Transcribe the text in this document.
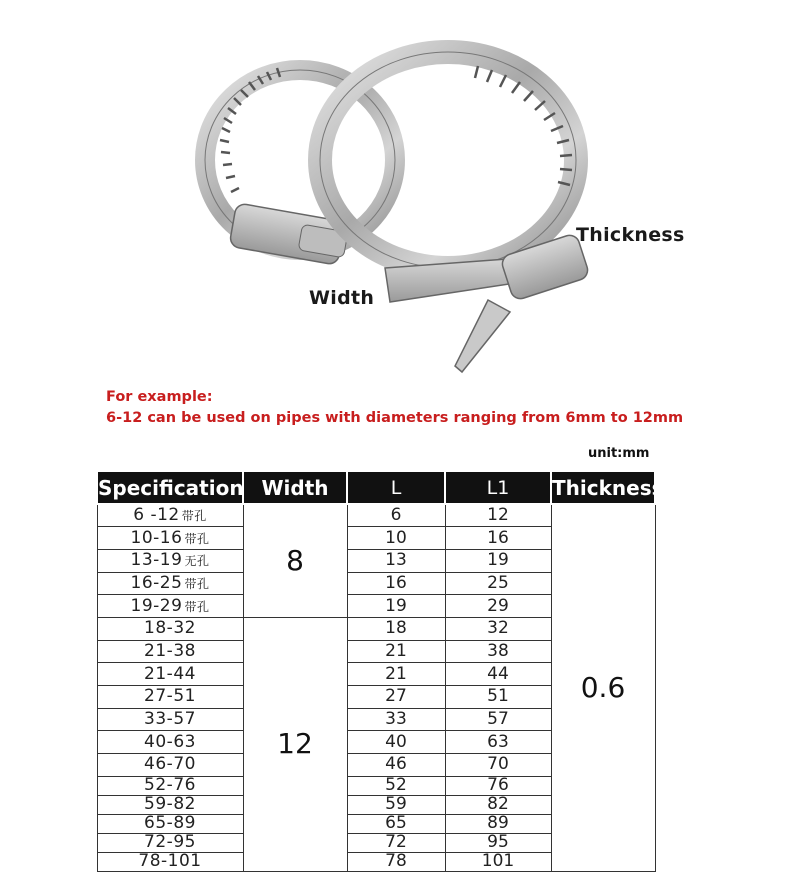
Thickness
Width
For example:
6-12 can be used on pipes with diameters ranging from 6mm to 12mm
unit:mm
Specification	Width	L	L1	Thickness
6 -12 带孔	8	6	12	0.6
10-16 带孔		10	16	
13-19 无孔		13	19	
16-25 带孔		16	25	
19-29 带孔		19	29	
18-32	12	18	32	
21-38		21	38	
21-44		21	44	
27-51		27	51	
33-57		33	57	
40-63		40	63	
46-70		46	70	
52-76		52	76	
59-82		59	82	
65-89		65	89	
72-95		72	95	
78-101		78	101	
